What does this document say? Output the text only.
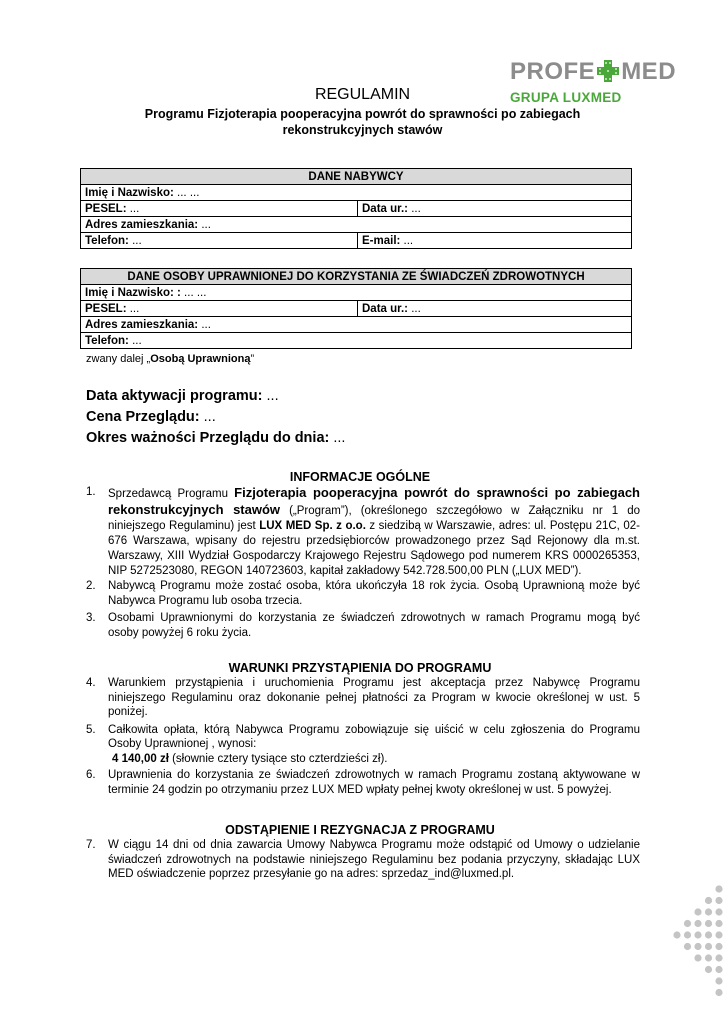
PROFE MED
GRUPA LUXMED
REGULAMIN
Programu Fizjoterapia pooperacyjna powrót do sprawności po zabiegach rekonstrukcyjnych stawów
DANE NABYWCY	
Imię i Nazwisko: ... ...	
PESEL: ...	Data ur.: ...
Adres zamieszkania: ...	
Telefon: ...	E-mail: ...
DANE OSOBY UPRAWNIONEJ DO KORZYSTANIA ZE ŚWIADCZEŃ ZDROWOTNYCH
Imię i Nazwisko: : ... ...
PESEL: ...	Data ur.: ...
Adres zamieszkania: ...
Telefon: ...
zwany dalej „Osobą Uprawnioną”
Data aktywacji programu: ...
Cena Przeglądu: ...
Okres ważności Przeglądu do dnia: ...
INFORMACJE OGÓLNE
1. Sprzedawcą Programu Fizjoterapia pooperacyjna powrót do sprawności po zabiegach rekonstrukcyjnych stawów („Program”), (określonego szczegółowo w Załączniku nr 1 do niniejszego Regulaminu) jest LUX MED Sp. z o.o. z siedzibą w Warszawie, adres: ul. Postępu 21C, 02-676 Warszawa, wpisany do rejestru przedsiębiorców prowadzonego przez Sąd Rejonowy dla m.st. Warszawy, XIII Wydział Gospodarczy Krajowego Rejestru Sądowego pod numerem KRS 0000265353, NIP 5272523080, REGON 140723603, kapitał zakładowy 542.728.500,00 PLN („LUX MED”).
2. Nabywcą Programu może zostać osoba, która ukończyła 18 rok życia. Osobą Uprawnioną może być Nabywca Programu lub osoba trzecia.
3. Osobami Uprawnionymi do korzystania ze świadczeń zdrowotnych w ramach Programu mogą być osoby powyżej 6 roku życia.
WARUNKI PRZYSTĄPIENIA DO PROGRAMU
4. Warunkiem przystąpienia i uruchomienia Programu jest akceptacja przez Nabywcę Programu niniejszego Regulaminu oraz dokonanie pełnej płatności za Program w kwocie określonej w ust. 5 poniżej.
5. Całkowita opłata, którą Nabywca Programu zobowiązuje się uiścić w celu zgłoszenia do Programu Osoby Uprawnionej , wynosi:
4 140,00 zł (słownie cztery tysiące sto czterdzieści zł).
6. Uprawnienia do korzystania ze świadczeń zdrowotnych w ramach Programu zostaną aktywowane w terminie 24 godzin po otrzymaniu przez LUX MED wpłaty pełnej kwoty określonej w ust. 5 powyżej.
ODSTĄPIENIE I REZYGNACJA Z PROGRAMU
7. W ciągu 14 dni od dnia zawarcia Umowy Nabywca Programu może odstąpić od Umowy o udzielanie świadczeń zdrowotnych na podstawie niniejszego Regulaminu bez podania przyczyny, składając LUX MED oświadczenie poprzez przesyłanie go na adres: sprzedaz_ind@luxmed.pl.
